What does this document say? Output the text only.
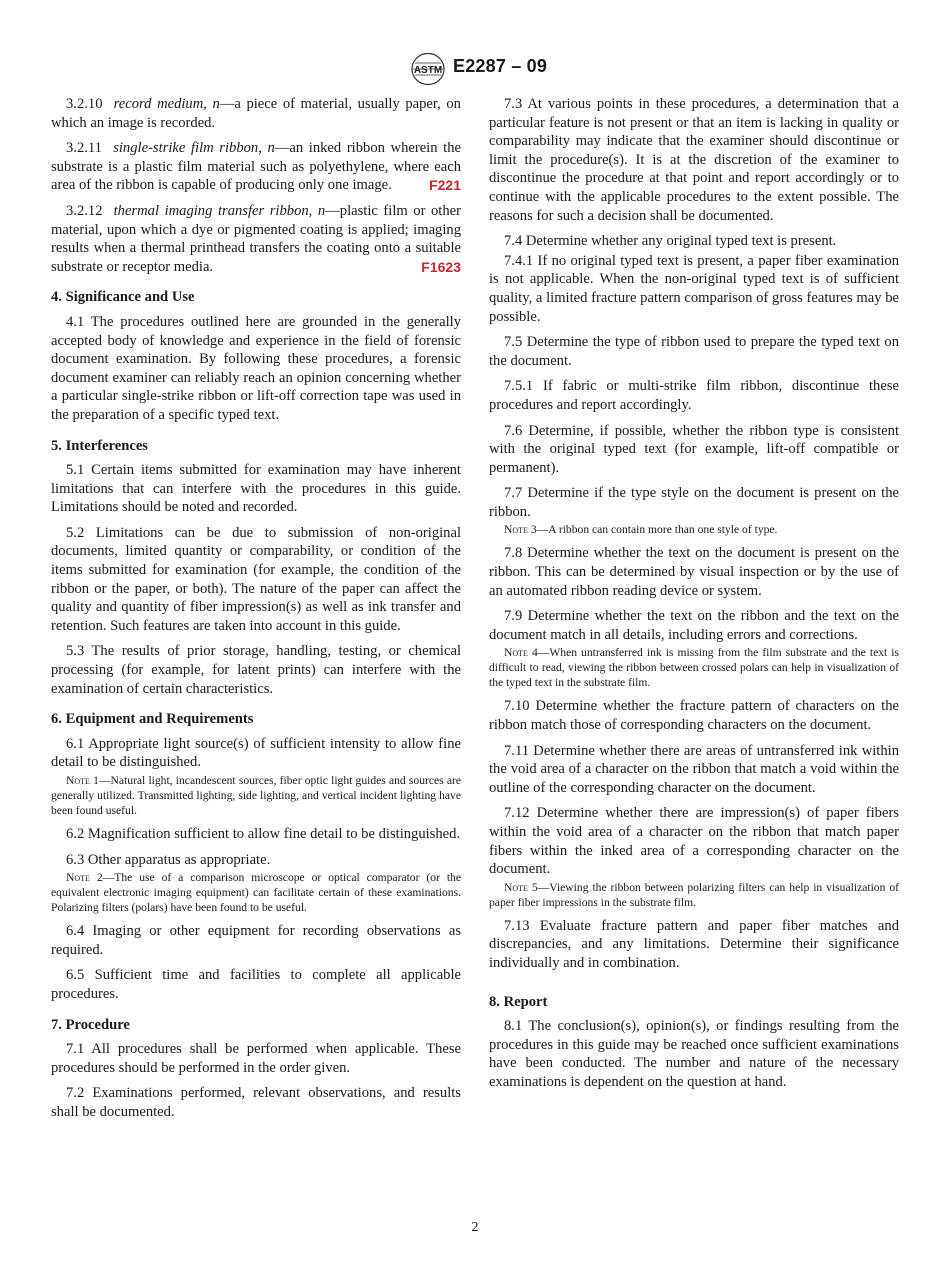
ASTM E2287 – 09

3.2.10 record medium, n—a piece of material, usually paper, on which an image is recorded.

3.2.11 single-strike film ribbon, n—an inked ribbon wherein the substrate is a plastic film material such as polyethylene, where each area of the ribbon is capable of producing only one image.	F221

3.2.12 thermal imaging transfer ribbon, n—plastic film or other material, upon which a dye or pigmented coating is applied; imaging results when a thermal printhead transfers the coating onto a suitable substrate or receptor media.	F1623

4. Significance and Use

4.1 The procedures outlined here are grounded in the generally accepted body of knowledge and experience in the field of forensic document examination. By following these procedures, a forensic document examiner can reliably reach an opinion concerning whether a particular single-strike ribbon or lift-off correction tape was used in the preparation of a specific typed text.

5. Interferences

5.1 Certain items submitted for examination may have inherent limitations that can interfere with the procedures in this guide. Limitations should be noted and recorded.

5.2 Limitations can be due to submission of non-original documents, limited quantity or comparability, or condition of the items submitted for examination (for example, the condition of the ribbon or the paper, or both). The nature of the paper can affect the quality and quantity of fiber impression(s) as well as ink transfer and retention. Such features are taken into account in this guide.

5.3 The results of prior storage, handling, testing, or chemical processing (for example, for latent prints) can interfere with the examination of certain characteristics.

6. Equipment and Requirements

6.1 Appropriate light source(s) of sufficient intensity to allow fine detail to be distinguished.

Note 1—Natural light, incandescent sources, fiber optic light guides and sources are generally utilized. Transmitted lighting, side lighting, and vertical incident lighting have been found useful.

6.2 Magnification sufficient to allow fine detail to be distinguished.

6.3 Other apparatus as appropriate.

Note 2—The use of a comparison microscope or optical comparator (or the equivalent electronic imaging equipment) can facilitate certain of these examinations. Polarizing filters (polars) have been found to be useful.

6.4 Imaging or other equipment for recording observations as required.

6.5 Sufficient time and facilities to complete all applicable procedures.

7. Procedure

7.1 All procedures shall be performed when applicable. These procedures should be performed in the order given.

7.2 Examinations performed, relevant observations, and results shall be documented.

7.3 At various points in these procedures, a determination that a particular feature is not present or that an item is lacking in quality or comparability may indicate that the examiner should discontinue or limit the procedure(s). It is at the discretion of the examiner to discontinue the procedure at that point and report accordingly or to continue with the applicable procedures to the extent possible. The reasons for such a decision shall be documented.

7.4 Determine whether any original typed text is present.

7.4.1 If no original typed text is present, a paper fiber examination is not applicable. When the non-original typed text is of sufficient quality, a limited fracture pattern comparison of gross features may be possible.

7.5 Determine the type of ribbon used to prepare the typed text on the document.

7.5.1 If fabric or multi-strike film ribbon, discontinue these procedures and report accordingly.

7.6 Determine, if possible, whether the ribbon type is consistent with the original typed text (for example, lift-off compatible or permanent).

7.7 Determine if the type style on the document is present on the ribbon.

Note 3—A ribbon can contain more than one style of type.

7.8 Determine whether the text on the document is present on the ribbon. This can be determined by visual inspection or by the use of an automated ribbon reading device or system.

7.9 Determine whether the text on the ribbon and the text on the document match in all details, including errors and corrections.

Note 4—When untransferred ink is missing from the film substrate and the text is difficult to read, viewing the ribbon between crossed polars can help in visualization of the typed text in the substrate film.

7.10 Determine whether the fracture pattern of characters on the ribbon match those of corresponding characters on the document.

7.11 Determine whether there are areas of untransferred ink within the void area of a character on the ribbon that match a void within the outline of the corresponding character on the document.

7.12 Determine whether there are impression(s) of paper fibers within the void area of a character on the ribbon that match paper fibers within the inked area of a corresponding character on the document.

Note 5—Viewing the ribbon between polarizing filters can help in visualization of paper fiber impressions in the substrate film.

7.13 Evaluate fracture pattern and paper fiber matches and discrepancies, and any limitations. Determine their significance individually and in combination.

8. Report

8.1 The conclusion(s), opinion(s), or findings resulting from the procedures in this guide may be reached once sufficient examinations have been conducted. The number and nature of the necessary examinations is dependent on the question at hand.

2
